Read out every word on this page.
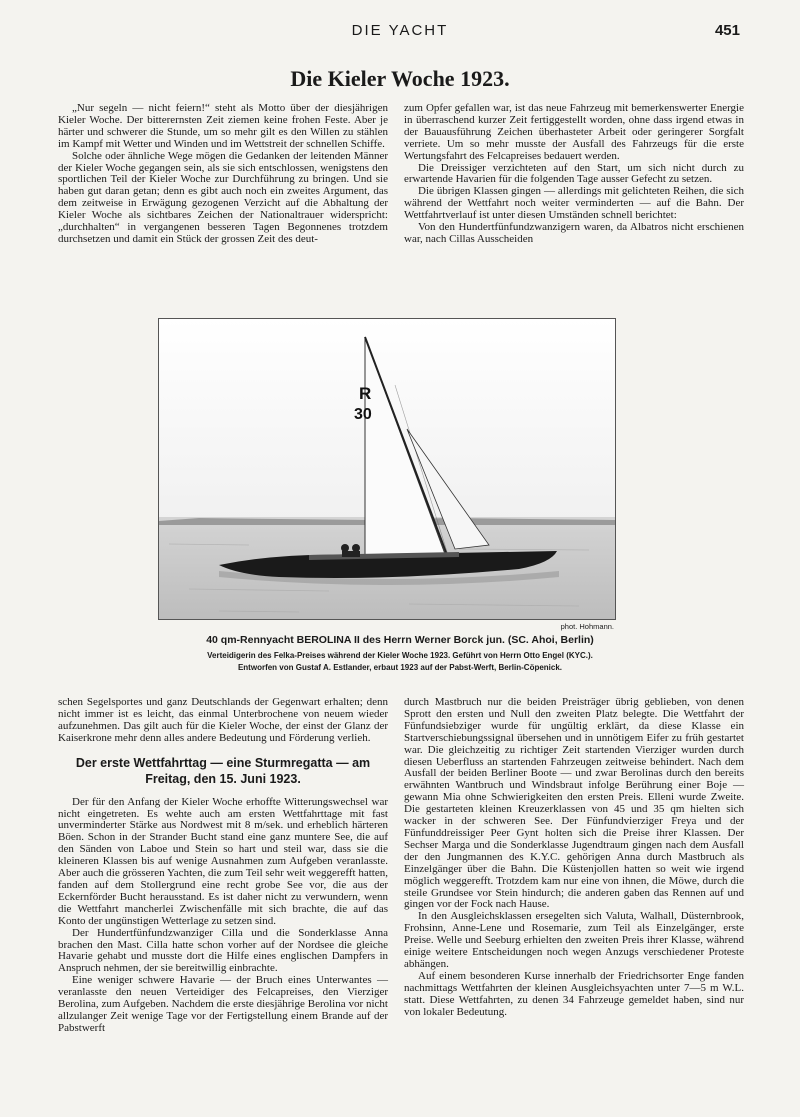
DIE YACHT	451
Die Kieler Woche 1923.

„Nur segeln — nicht feiern!“ steht als Motto über der diesjährigen Kieler Woche. Der bitterernsten Zeit ziemen keine frohen Feste. Aber je härter und schwerer die Stunde, um so mehr gilt es den Willen zu stählen im Kampf mit Wetter und Winden und im Wettstreit der schnellen Schiffe.

Solche oder ähnliche Wege mögen die Gedanken der leitenden Männer der Kieler Woche gegangen sein, als sie sich entschlossen, wenigstens den sportlichen Teil der Kieler Woche zur Durchführung zu bringen. Und sie haben gut daran getan; denn es gibt auch noch ein zweites Argument, das dem zeitweise in Erwägung gezogenen Verzicht auf die Abhaltung der Kieler Woche als sichtbares Zeichen der Nationaltrauer widerspricht: „durchhalten“ in vergangenen besseren Tagen Begonnenes trotzdem durchsetzen und damit ein Stück der grossen Zeit des deut-

zum Opfer gefallen war, ist das neue Fahrzeug mit bemerkenswerter Energie in überraschend kurzer Zeit fertiggestellt worden, ohne dass irgend etwas in der Bauausführung Zeichen überhasteter Arbeit oder geringerer Sorgfalt verriete. Um so mehr musste der Ausfall des Fahrzeugs für die erste Wertungsfahrt des Felcapreises bedauert werden.

Die Dreissiger verzichteten auf den Start, um sich nicht durch zu erwartende Havarien für die folgenden Tage ausser Gefecht zu setzen.

Die übrigen Klassen gingen — allerdings mit gelichteten Reihen, die sich während der Wettfahrt noch weiter verminderten — auf die Bahn. Der Wettfahrtverlauf ist unter diesen Umständen schnell berichtet:

Von den Hundertfünfundzwanzigern waren, da Albatros nicht erschienen war, nach Cillas Ausscheiden

R
30
phot. Hohmann.
40 qm-Rennyacht BEROLINA II des Herrn Werner Borck jun. (SC. Ahoi, Berlin)
Verteidigerin des Felka-Preises während der Kieler Woche 1923. Geführt von Herrn Otto Engel (KYC.).
Entworfen von Gustaf A. Estlander, erbaut 1923 auf der Pabst-Werft, Berlin-Cöpenick.

schen Segelsportes und ganz Deutschlands der Gegenwart erhalten; denn nicht immer ist es leicht, das einmal Unterbrochene von neuem wieder aufzunehmen. Das gilt auch für die Kieler Woche, der einst der Glanz der Kaiserkrone mehr denn alles andere Bedeutung und Förderung verlieh.

Der erste Wettfahrttag — eine Sturmregatta — am Freitag, den 15. Juni 1923.

Der für den Anfang der Kieler Woche erhoffte Witterungswechsel war nicht eingetreten. Es wehte auch am ersten Wettfahrttage mit fast unverminderter Stärke aus Nordwest mit 8 m/sek. und erheblich härteren Böen. Schon in der Strander Bucht stand eine ganz muntere See, die auf den Sänden von Laboe und Stein so hart und steil war, dass sie die kleineren Klassen bis auf wenige Ausnahmen zum Aufgeben veranlasste. Aber auch die grösseren Yachten, die zum Teil sehr weit weggerefft hatten, fanden auf dem Stollergrund eine recht grobe See vor, die aus der Eckernförder Bucht herausstand. Es ist daher nicht zu verwundern, wenn die Wettfahrt mancherlei Zwischenfälle mit sich brachte, die auf das Konto der ungünstigen Wetterlage zu setzen sind.

Der Hundertfünfundzwanziger Cilla und die Sonderklasse Anna brachen den Mast. Cilla hatte schon vorher auf der Nordsee die gleiche Havarie gehabt und musste dort die Hilfe eines englischen Dampfers in Anspruch nehmen, der sie bereitwillig einbrachte.

Eine weniger schwere Havarie — der Bruch eines Unterwantes — veranlasste den neuen Verteidiger des Felcapreises, den Vierziger Berolina, zum Aufgeben. Nachdem die erste diesjährige Berolina vor nicht allzulanger Zeit wenige Tage vor der Fertigstellung einem Brande auf der Pabstwerft

durch Mastbruch nur die beiden Preisträger übrig geblieben, von denen Sprott den ersten und Null den zweiten Platz belegte. Die Wettfahrt der Fünfundsiebziger wurde für ungültig erklärt, da diese Klasse ein Startverschiebungssignal übersehen und in unnötigem Eifer zu früh gestartet war. Die gleichzeitig zu richtiger Zeit startenden Vierziger wurden durch diesen Ueberfluss an startenden Fahrzeugen zeitweise behindert. Nach dem Ausfall der beiden Berliner Boote — und zwar Berolinas durch den bereits erwähnten Wantbruch und Windsbraut infolge Berührung einer Boje — gewann Mia ohne Schwierigkeiten den ersten Preis. Elleni wurde Zweite. Die gestarteten kleinen Kreuzerklassen von 45 und 35 qm hielten sich wacker in der schweren See. Der Fünfundvierziger Freya und der Fünfunddreissiger Peer Gynt holten sich die Preise ihrer Klassen. Der Sechser Marga und die Sonderklasse Jugendtraum gingen nach dem Ausfall der den Jungmannen des K.Y.C. gehörigen Anna durch Mastbruch als Einzelgänger über die Bahn. Die Küstenjollen hatten so weit wie irgend möglich weggerefft. Trotzdem kam nur eine von ihnen, die Möwe, durch die steile Grundsee vor Stein hindurch; die anderen gaben das Rennen auf und gingen vor der Fock nach Hause.

In den Ausgleichsklassen ersegelten sich Valuta, Walhall, Düsternbrook, Frohsinn, Anne-Lene und Rosemarie, zum Teil als Einzelgänger, erste Preise. Welle und Seeburg erhielten den zweiten Preis ihrer Klasse, während einige weitere Entscheidungen noch wegen Anzugs verschiedener Proteste abhängen.

Auf einem besonderen Kurse innerhalb der Friedrichsorter Enge fanden nachmittags Wettfahrten der kleinen Ausgleichsyachten unter 7—5 m W.L. statt. Diese Wettfahrten, zu denen 34 Fahrzeuge gemeldet haben, sind nur von lokaler Bedeutung.
